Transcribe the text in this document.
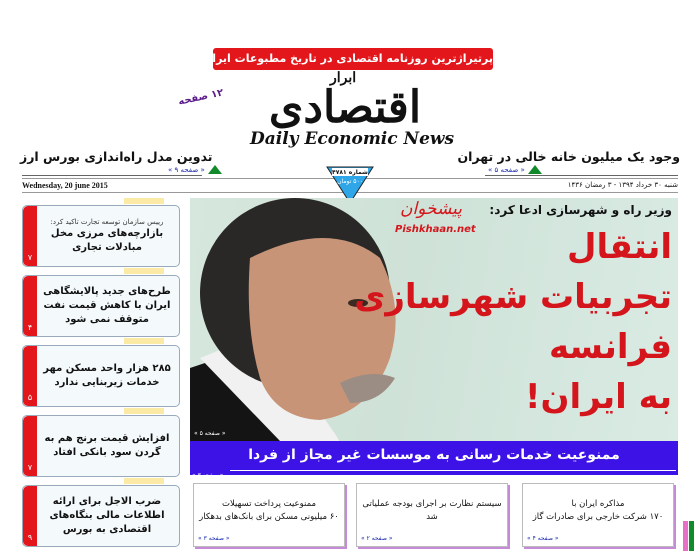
پرتیراژترین روزنامه اقتصادی در تاریخ مطبوعات ایران
۱۲ صفحه
ابرار
اقتصادی
Daily Economic News
تدوین مدل راه‌اندازی بورس ارز
« صفحه ۹ »
وجود یک میلیون خانه خالی در تهران
« صفحه ۵ »
Wednesday, 20 june 2015	شنبه ۳۰ خرداد ۱۳۹۴ - ۳ رمضان ۱۴۳۶
شماره ۴۷۸۱
۵۰۰ تومان
۷
رییس سازمان توسعه تجارت تاکید کرد:
بازارچه‌های مرزی مخل مبادلات تجاری
۴
طرح‌های جدید پالایشگاهی ایران با کاهش قیمت نفت متوقف نمی شود
۵
۲۸۵ هزار واحد مسکن مهر خدمات زیربنایی ندارد
۷
افزایش قیمت برنج هم به گردن سود بانکی افتاد
۹
ضرب الاجل برای ارائه اطلاعات مالی بنگاه‌های اقتصادی به بورس
وزیر راه و شهرسازی ادعا کرد:
انتقال
تجربیات شهرسازی
فرانسه
به ایران!
پیشخوان
Pishkhaan.net
« صفحه ۵ »
ممنوعیت خدمات رسانی به موسسات غیر مجاز از فردا
« صفحه ۳ »
ممنوعیت پرداخت تسهیلات
۶۰ میلیونی مسکن برای بانک‌های بدهکار
« صفحه ۳ »
سیستم نظارت بر اجرای بودجه عملیاتی شد
« صفحه ۲ »
مذاکره ایران با
۱۷۰ شرکت خارجی برای صادرات گاز
« صفحه ۴ »
